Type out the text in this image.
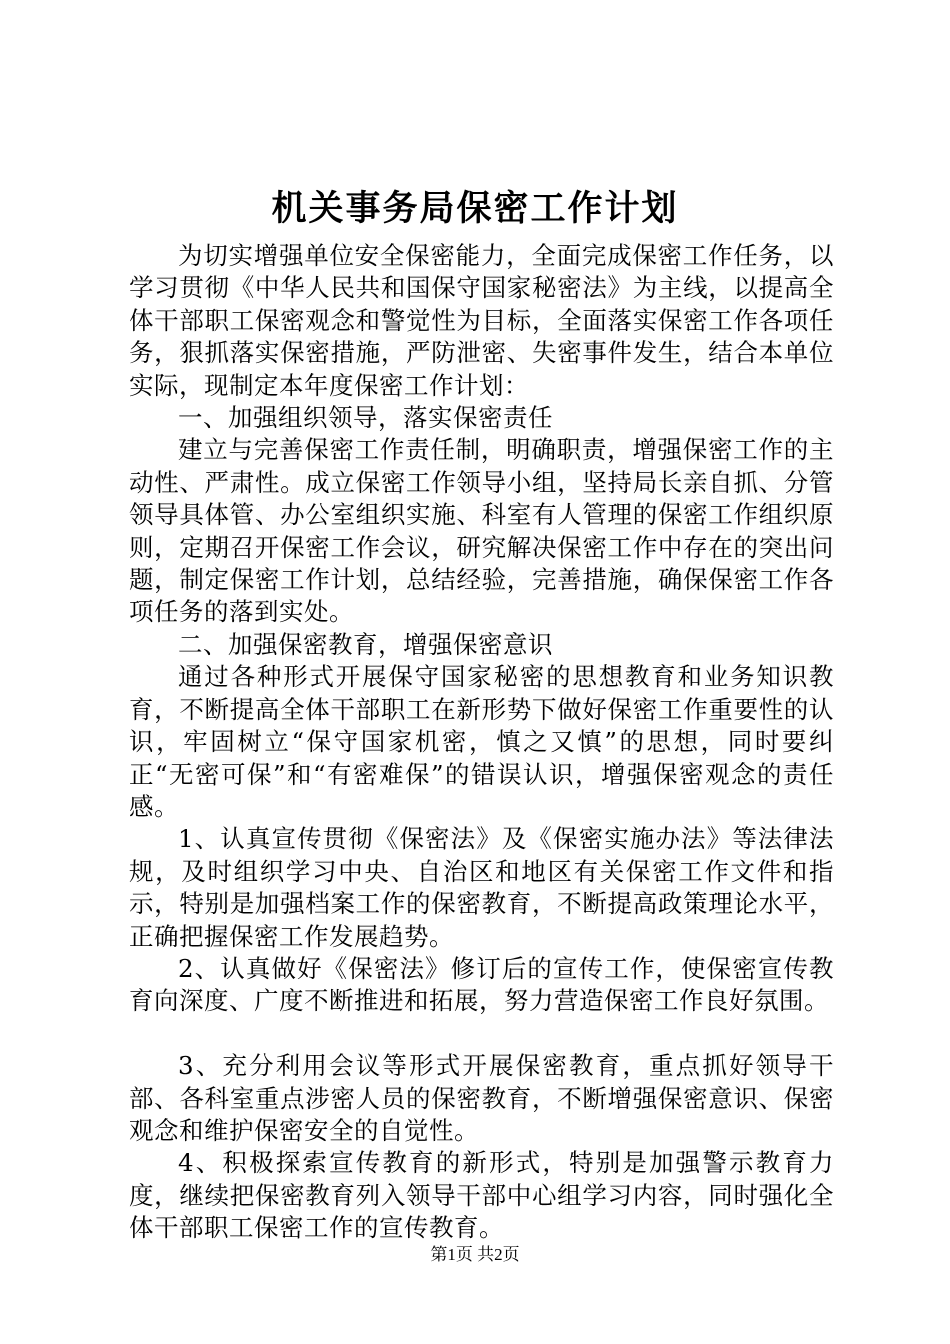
机关事务局保密工作计划

为切实增强单位安全保密能力，全面完成保密工作任务，以学习贯彻《中华人民共和国保守国家秘密法》为主线，以提高全体干部职工保密观念和警觉性为目标，全面落实保密工作各项任务，狠抓落实保密措施，严防泄密、失密事件发生，结合本单位实际，现制定本年度保密工作计划：

一、加强组织领导，落实保密责任

建立与完善保密工作责任制，明确职责，增强保密工作的主动性、严肃性。成立保密工作领导小组，坚持局长亲自抓、分管领导具体管、办公室组织实施、科室有人管理的保密工作组织原则，定期召开保密工作会议，研究解决保密工作中存在的突出问题，制定保密工作计划，总结经验，完善措施，确保保密工作各项任务的落到实处。

二、加强保密教育，增强保密意识

通过各种形式开展保守国家秘密的思想教育和业务知识教育，不断提高全体干部职工在新形势下做好保密工作重要性的认识，牢固树立“保守国家机密，慎之又慎”的思想，同时要纠正“无密可保”和“有密难保”的错误认识，增强保密观念的责任感。

1、认真宣传贯彻《保密法》及《保密实施办法》等法律法规，及时组织学习中央、自治区和地区有关保密工作文件和指示，特别是加强档案工作的保密教育，不断提高政策理论水平，正确把握保密工作发展趋势。

2、认真做好《保密法》修订后的宣传工作，使保密宣传教育向深度、广度不断推进和拓展，努力营造保密工作良好氛围。

3、充分利用会议等形式开展保密教育，重点抓好领导干部、各科室重点涉密人员的保密教育，不断增强保密意识、保密观念和维护保密安全的自觉性。

4、积极探索宣传教育的新形式，特别是加强警示教育力度，继续把保密教育列入领导干部中心组学习内容，同时强化全体干部职工保密工作的宣传教育。

第1页 共2页
